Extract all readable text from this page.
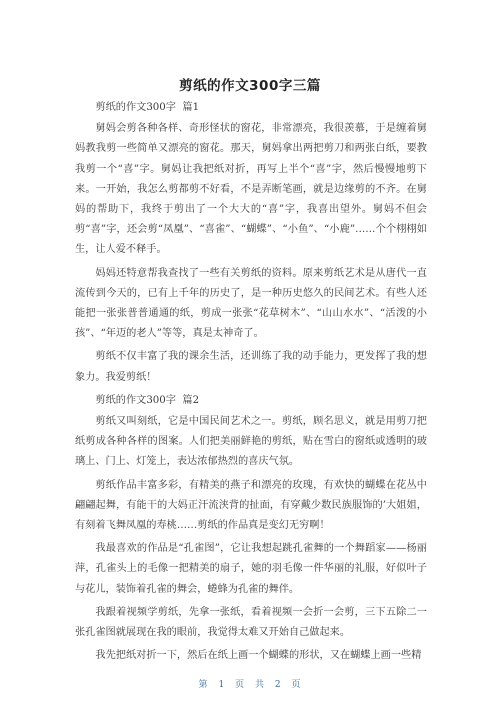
剪纸的作文300字三篇

剪纸的作文300字  篇1

舅妈会剪各种各样、奇形怪状的窗花，非常漂亮，我很羡慕，于是缠着舅妈教我剪一些简单又漂亮的窗花。那天，舅妈拿出两把剪刀和两张白纸，要教我剪一个“喜”字。舅妈让我把纸对折，再写上半个“喜”字，然后慢慢地剪下来。一开始，我怎么剪都剪不好看，不是弄断笔画，就是边缘剪的不齐。在舅妈的帮助下，我终于剪出了一个大大的“喜”字，我喜出望外。舅妈不但会剪“喜”字，还会剪“凤凰”、“喜雀”、“蝴蝶”、“小鱼”、“小鹿”……个个栩栩如生，让人爱不释手。

妈妈还特意帮我查找了一些有关剪纸的资料。原来剪纸艺术是从唐代一直流传到今天的，已有上千年的历史了，是一种历史悠久的民间艺术。有些人还能把一张张普普通通的纸，剪成一张张“花草树木”、“山山水水”、“活泼的小孩”、“年迈的老人”等等，真是太神奇了。

剪纸不仅丰富了我的课余生活，还训练了我的动手能力，更发挥了我的想象力。我爱剪纸！

剪纸的作文300字  篇2

剪纸又叫刻纸，它是中国民间艺术之一。剪纸，顾名思义，就是用剪刀把纸剪成各种各样的图案。人们把美丽鲜艳的剪纸，贴在雪白的窗纸或透明的玻璃上、门上、灯笼上，表达浓郁热烈的喜庆气氛。

剪纸作品丰富多彩，有精美的燕子和漂亮的玫瑰，有欢快的蝴蝶在花丛中翩翩起舞，有能干的大妈正汗流浃背的扯面，有穿戴少数民族服饰的’大姐姐，有刻着飞舞凤凰的寿桃……剪纸的作品真是变幻无穷啊！

我最喜欢的作品是“孔雀图”，它让我想起跳孔雀舞的一个舞蹈家——杨丽萍，孔雀头上的毛像一把精美的扇子，她的羽毛像一件华丽的礼服，好似叶子与花儿，装饰着孔雀的舞会，蜷蜂为孔雀的舞伴。

我跟着视频学剪纸，先拿一张纸，看着视频一会折一会剪，三下五除二一张孔雀图就展现在我的眼前，我觉得太难又开始自己做起来。

我先把纸对折一下，然后在纸上画一个蝴蝶的形状，又在蝴蝶上画一些精

第 1 页 共 2 页
